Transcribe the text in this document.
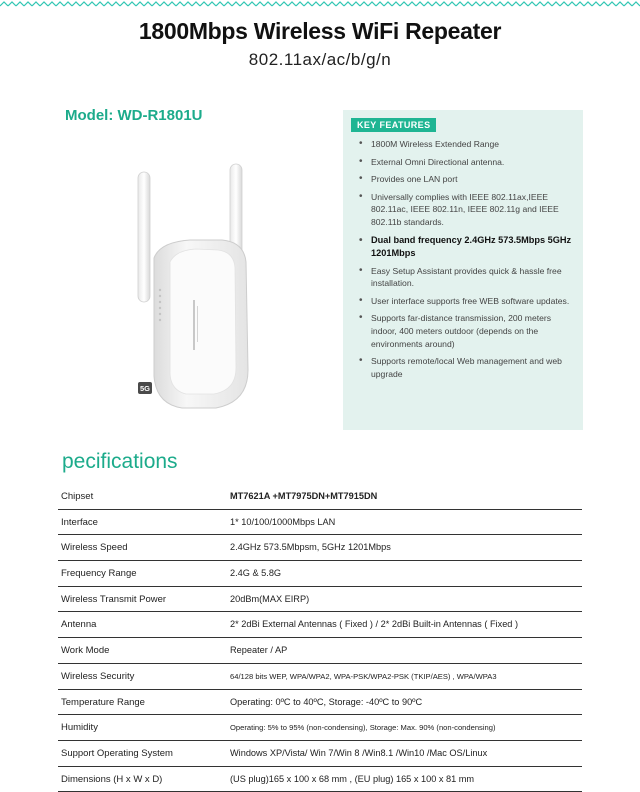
1800Mbps Wireless WiFi Repeater
802.11ax/ac/b/g/n
Model: WD-R1801U
5G
KEY FEATURES
• 1800M Wireless Extended Range
• External Omni Directional antenna.
• Provides one LAN port
• Universally complies with IEEE 802.11ax,IEEE 802.11ac, IEEE 802.11n, IEEE 802.11g and IEEE 802.11b standards.
• Dual band frequency 2.4GHz 573.5Mbps 5GHz 1201Mbps
• Easy Setup Assistant provides quick & hassle free installation.
• User interface supports free WEB software updates.
• Supports far-distance transmission, 200 meters indoor, 400 meters outdoor (depends on the environments around)
• Supports remote/local Web management and web upgrade
pecifications
Chipset	MT7621A +MT7975DN+MT7915DN
Interface	1* 10/100/1000Mbps LAN
Wireless Speed	2.4GHz 573.5Mbpsm, 5GHz 1201Mbps
Frequency Range	2.4G & 5.8G
Wireless Transmit Power	20dBm(MAX EIRP)
Antenna	2* 2dBi External Antennas ( Fixed ) / 2* 2dBi Built-in Antennas ( Fixed )
Work Mode	Repeater / AP
Wireless Security	64/128 bits WEP, WPA/WPA2, WPA-PSK/WPA2-PSK (TKIP/AES) , WPA/WPA3
Temperature Range	Operating: 0ºC to 40ºC, Storage: -40ºC to 90ºC
Humidity	Operating: 5% to 95% (non-condensing), Storage: Max. 90% (non-condensing)
Support Operating System	Windows XP/Vista/ Win 7/Win 8 /Win8.1 /Win10 /Mac OS/Linux
Dimensions (H x W x D)	(US plug)165 x 100 x 68 mm , (EU plug) 165 x 100 x 81 mm
